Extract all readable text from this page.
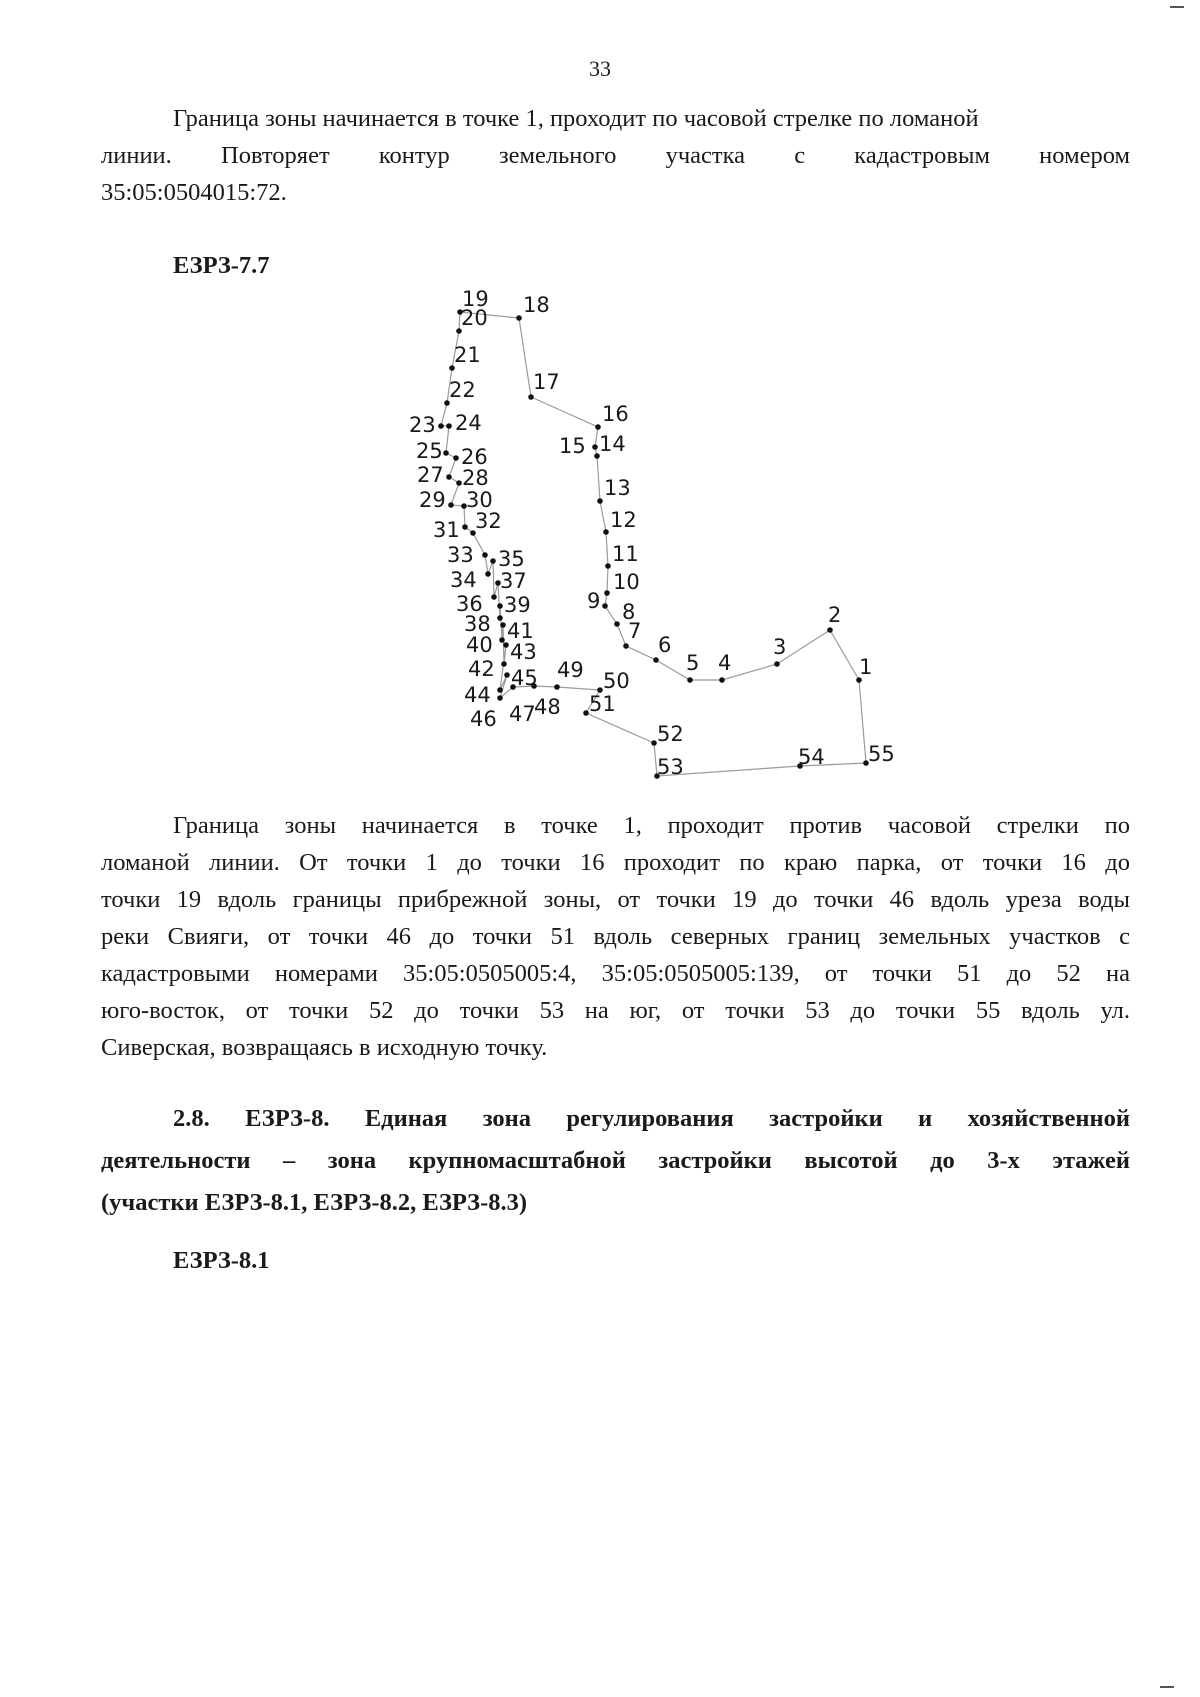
33

Граница зоны начинается в точке 1, проходит по часовой стрелке по ломаной
линии. Повторяет контур земельного участка с кадастровым номером
35:05:0504015:72.

ЕЗРЗ-7.7
1
2
3
4
5
6
7
8
9
10
11
12
13
14
15
16
17
18
19
20
21
22
23 24
25 26
27 28
29 30
31 32
33
34
35
36
37
38
39
40
41
42
43
44
45
46 47
48
49 50
51
52
53	54 55

Граница зоны начинается в точке 1, проходит против часовой стрелки по
ломаной линии. От точки 1 до точки 16 проходит по краю парка, от точки 16 до
точки 19 вдоль границы прибрежной зоны, от точки 19 до точки 46 вдоль уреза воды
реки Свияги, от точки 46 до точки 51 вдоль северных границ земельных участков с
кадастровыми номерами 35:05:0505005:4, 35:05:0505005:139, от точки 51 до 52 на
юго-восток, от точки 52 до точки 53 на юг, от точки 53 до точки 55 вдоль ул.
Сиверская, возвращаясь в исходную точку.

2.8. ЕЗРЗ-8. Единая зона регулирования застройки и хозяйственной
деятельности – зона крупномасштабной застройки высотой до 3-х этажей
(участки ЕЗРЗ-8.1, ЕЗРЗ-8.2, ЕЗРЗ-8.3)
ЕЗРЗ-8.1
